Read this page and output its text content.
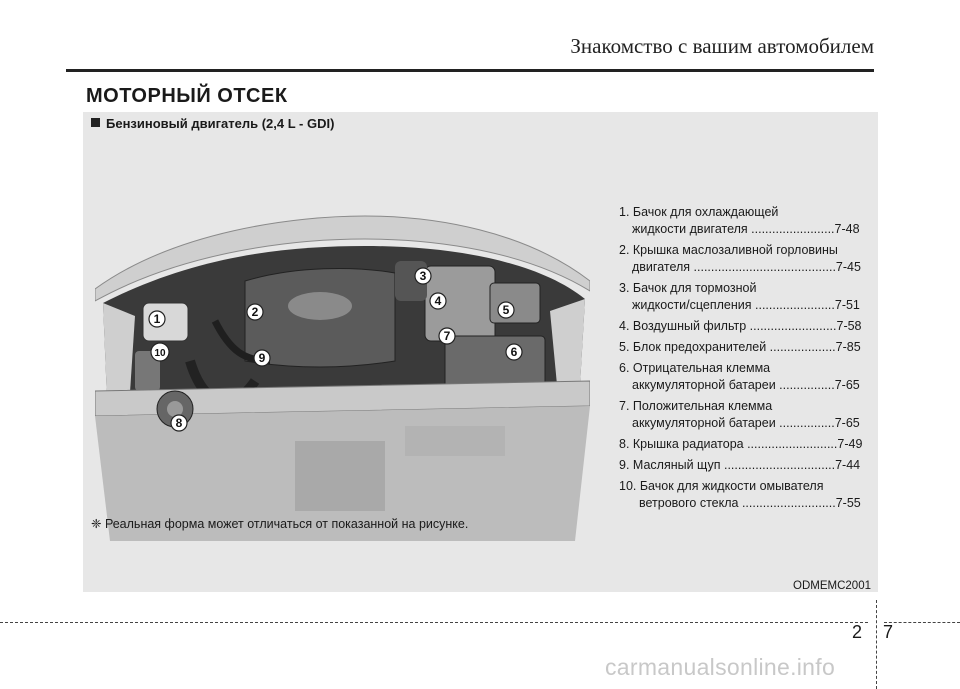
Знакомство с вашим автомобилем
МОТОРНЫЙ ОТСЕК
Бензиновый двигатель (2,4 L - GDI)
1	2
3
4
5
6
7
8
9
10
1. Бачок для охлаждающей
жидкости двигателя ........................7-48
2. Крышка маслозаливной горловины
двигателя .........................................7-45
3. Бачок для тормозной
жидкости/сцепления .......................7-51
4. Воздушный фильтр .........................7-58
5. Блок предохранителей ...................7-85
6. Отрицательная клемма
аккумуляторной батареи ................7-65
7. Положительная клемма
аккумуляторной батареи ................7-65
8. Крышка радиатора ..........................7-49
9. Масляный щуп ................................7-44
10. Бачок для жидкости омывателя
ветрового стекла ...........................7-55
❈ Реальная форма может отличаться от показанной на рисунке.
ODMEMC2001
2 7
carmanualsonline.info
